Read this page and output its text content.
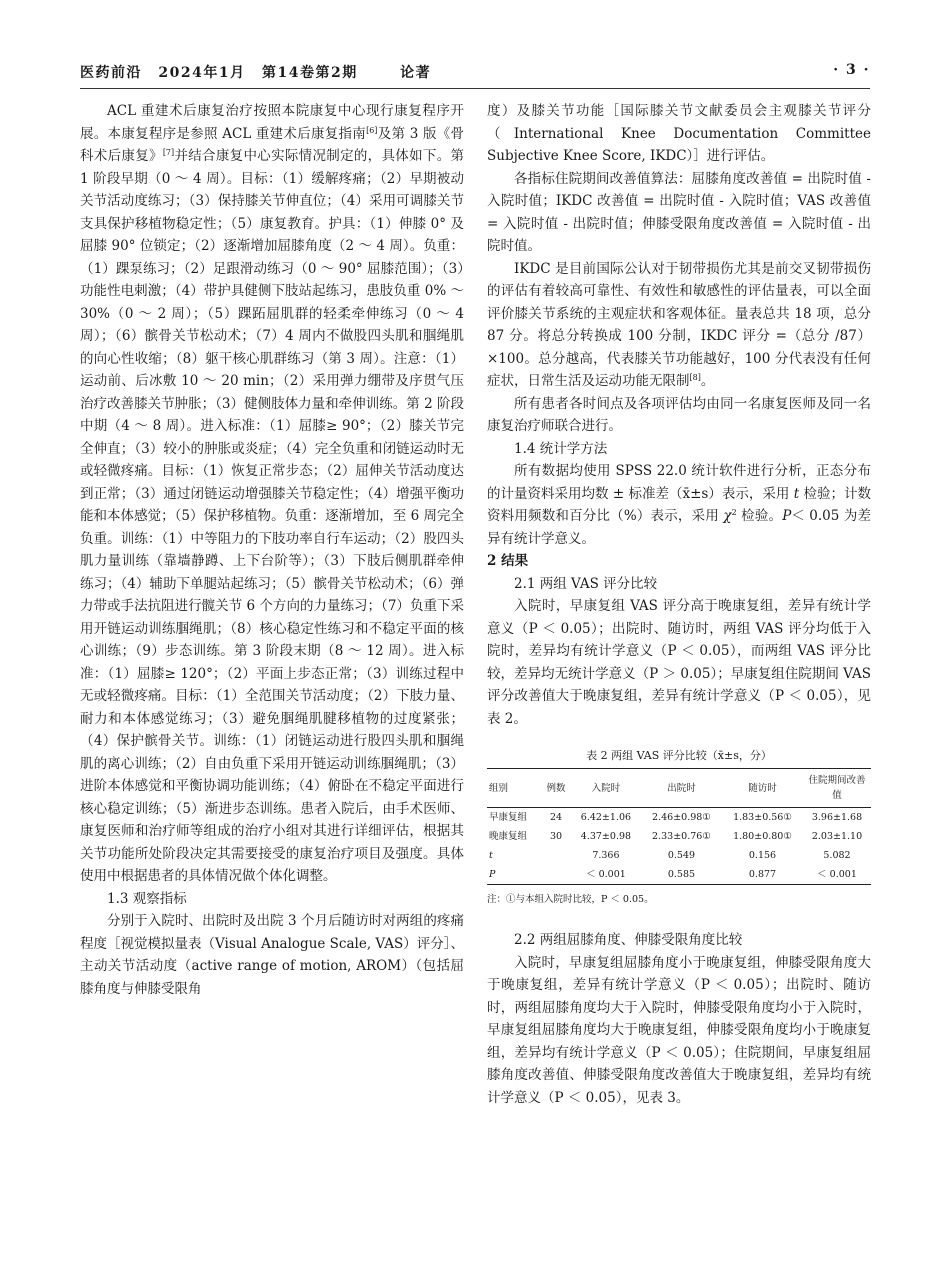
医药前沿 2024年1月 第14卷第2期	论著	· 3 ·

ACL 重建术后康复治疗按照本院康复中心现行康复程序开展。本康复程序是参照 ACL 重建术后康复指南[6]及第 3 版《骨科术后康复》[7]并结合康复中心实际情况制定的，具体如下。第 1 阶段早期（0 ～ 4 周）。目标：（1）缓解疼痛；（2）早期被动关节活动度练习；（3）保持膝关节伸直位；（4）采用可调膝关节支具保护移植物稳定性；（5）康复教育。护具：（1）伸膝 0° 及屈膝 90° 位锁定；（2）逐渐增加屈膝角度（2 ～ 4 周）。负重：（1）踝泵练习；（2）足跟滑动练习（0 ～ 90° 屈膝范围）；（3）功能性电刺激；（4）带护具健侧下肢站起练习，患肢负重 0% ～ 30%（0 ～ 2 周）；（5）踝跖屈肌群的轻柔牵伸练习（0 ～ 4 周）；（6）髌骨关节松动术；（7）4 周内不做股四头肌和腘绳肌的向心性收缩；（8）躯干核心肌群练习（第 3 周）。注意：（1）运动前、后冰敷 10 ～ 20 min；（2）采用弹力绷带及序贯气压治疗改善膝关节肿胀；（3）健侧肢体力量和牵伸训练。第 2 阶段中期（4 ～ 8 周）。进入标准：（1）屈膝≥ 90°；（2）膝关节完全伸直；（3）较小的肿胀或炎症；（4）完全负重和闭链运动时无或轻微疼痛。目标：（1）恢复正常步态；（2）屈伸关节活动度达到正常；（3）通过闭链运动增强膝关节稳定性；（4）增强平衡功能和本体感觉；（5）保护移植物。负重：逐渐增加，至 6 周完全负重。训练：（1）中等阻力的下肢功率自行车运动；（2）股四头肌力量训练（靠墙静蹲、上下台阶等）；（3）下肢后侧肌群牵伸练习；（4）辅助下单腿站起练习；（5）髌骨关节松动术；（6）弹力带或手法抗阻进行髋关节 6 个方向的力量练习；（7）负重下采用开链运动训练腘绳肌；（8）核心稳定性练习和不稳定平面的核心训练；（9）步态训练。第 3 阶段末期（8 ～ 12 周）。进入标准：（1）屈膝≥ 120°；（2）平面上步态正常；（3）训练过程中无或轻微疼痛。目标：（1）全范围关节活动度；（2）下肢力量、耐力和本体感觉练习；（3）避免腘绳肌腱移植物的过度紧张；（4）保护髌骨关节。训练：（1）闭链运动进行股四头肌和腘绳肌的离心训练；（2）自由负重下采用开链运动训练腘绳肌；（3）进阶本体感觉和平衡协调功能训练；（4）俯卧在不稳定平面进行核心稳定训练；（5）渐进步态训练。患者入院后，由手术医师、康复医师和治疗师等组成的治疗小组对其进行详细评估，根据其关节功能所处阶段决定其需要接受的康复治疗项目及强度。具体使用中根据患者的具体情况做个体化调整。

1.3 观察指标

分别于入院时、出院时及出院 3 个月后随访时对两组的疼痛程度［视觉模拟量表（Visual Analogue Scale, VAS）评分］、主动关节活动度（active range of motion, AROM）（包括屈膝角度与伸膝受限角

度）及膝关节功能［国际膝关节文献委员会主观膝关节评分（International Knee Documentation Committee Subjective Knee Score, IKDC）］进行评估。

各指标住院期间改善值算法：屈膝角度改善值 = 出院时值 - 入院时值；IKDC 改善值 = 出院时值 - 入院时值；VAS 改善值 = 入院时值 - 出院时值；伸膝受限角度改善值 = 入院时值 - 出院时值。

IKDC 是目前国际公认对于韧带损伤尤其是前交叉韧带损伤的评估有着较高可靠性、有效性和敏感性的评估量表，可以全面评价膝关节系统的主观症状和客观体征。量表总共 18 项，总分 87 分。将总分转换成 100 分制，IKDC 评分 =（总分 /87）×100。总分越高，代表膝关节功能越好，100 分代表没有任何症状，日常生活及运动功能无限制[8]。

所有患者各时间点及各项评估均由同一名康复医师及同一名康复治疗师联合进行。

1.4 统计学方法

所有数据均使用 SPSS 22.0 统计软件进行分析，正态分布的计量资料采用均数 ± 标准差（x̄±s）表示，采用 t 检验；计数资料用频数和百分比（%）表示，采用 $\chi^2$ 检验。P＜ 0.05 为差异有统计学意义。

2 结果

2.1 两组 VAS 评分比较

入院时，早康复组 VAS 评分高于晚康复组，差异有统计学意义（P ＜ 0.05）；出院时、随访时，两组 VAS 评分均低于入院时，差异均有统计学意义（P ＜ 0.05），而两组 VAS 评分比较，差异均无统计学意义（P ＞ 0.05）；早康复组住院期间 VAS 评分改善值大于晚康复组，差异有统计学意义（P ＜ 0.05），见表 2。

表 2 两组 VAS 评分比较（x̄±s，分）
组别	例数	入院时	出院时	随访时	住院期间改善值
早康复组	24	6.42±1.06	2.46±0.98①	1.83±0.56①	3.96±1.68
晚康复组	30	4.37±0.98	2.33±0.76①	1.80±0.80①	2.03±1.10
t		7.366	0.549	0.156	5.082
P		＜ 0.001	0.585	0.877	＜ 0.001
注：①与本组入院时比较，P ＜ 0.05。

2.2 两组屈膝角度、伸膝受限角度比较

入院时，早康复组屈膝角度小于晚康复组，伸膝受限角度大于晚康复组，差异有统计学意义（P ＜ 0.05）；出院时、随访时，两组屈膝角度均大于入院时，伸膝受限角度均小于入院时，早康复组屈膝角度均大于晚康复组，伸膝受限角度均小于晚康复组，差异均有统计学意义（P ＜ 0.05）；住院期间，早康复组屈膝角度改善值、伸膝受限角度改善值大于晚康复组，差异均有统计学意义（P ＜ 0.05），见表 3。
